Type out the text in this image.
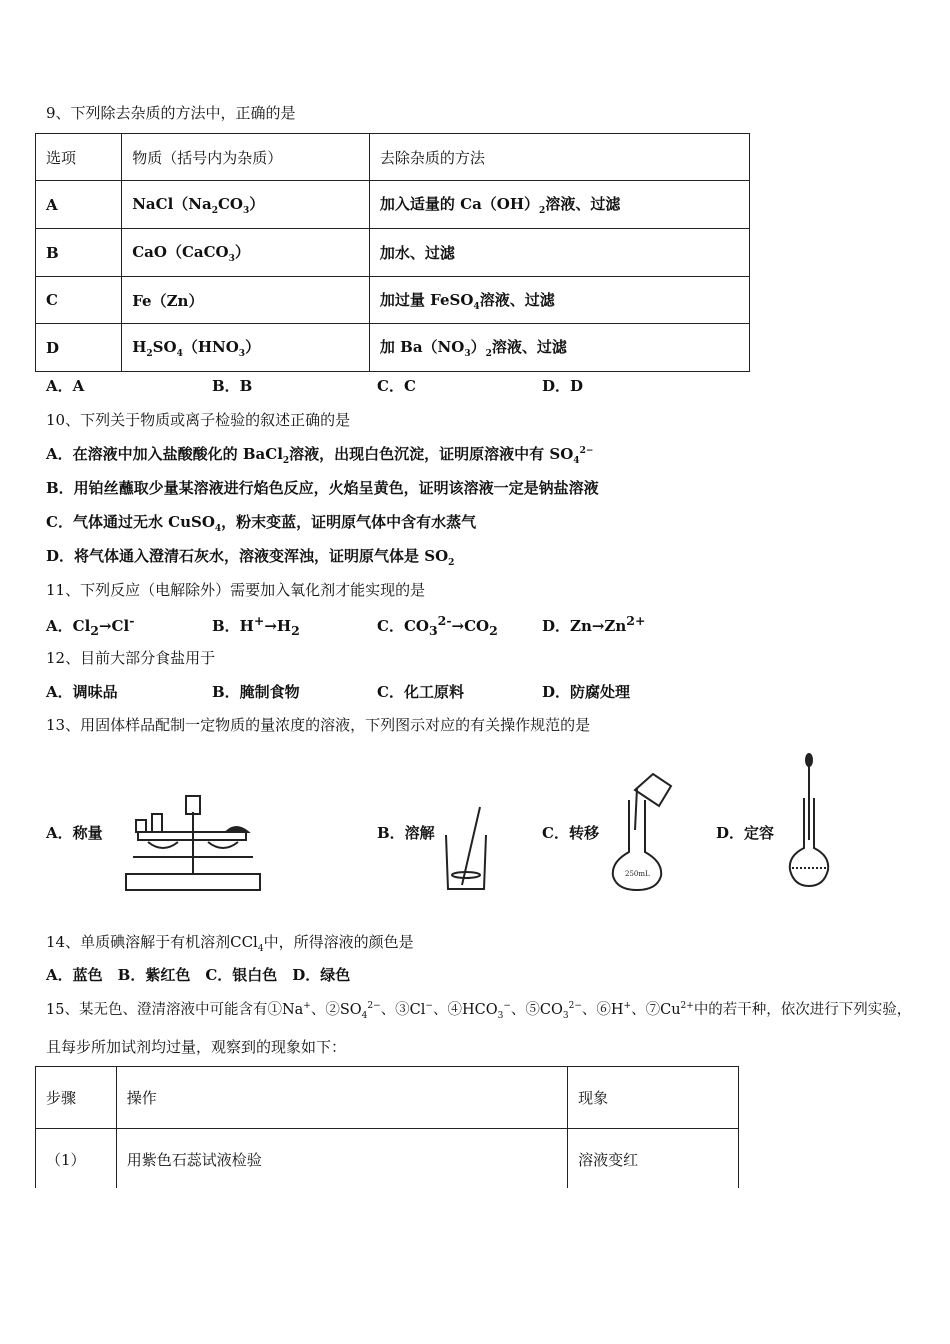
9、下列除去杂质的方法中，正确的是
选项	物质（括号内为杂质）	去除杂质的方法
A	$NaCl(Na_2CO_3)$	加入适量的 $Ca(OH)_2$溶液、过滤
B	CaO（CaCO$_3$）	加水、过滤
C	Fe（Zn）	加过量 FeSO$_4$溶液、过滤
D	$H_2SO_4(HNO_3)$	加 $Ba(NO_3)_2$溶液、过滤
A．A	B．B	C．C	D．D
10、下列关于物质或离子检验的叙述正确的是
A．在溶液中加入盐酸酸化的 BaCl$_2$溶液，出现白色沉淀，证明原溶液中有 $SO_4^{2-}$
B．用铂丝蘸取少量某溶液进行焰色反应，火焰呈黄色，证明该溶液一定是钠盐溶液
C．气体通过无水 CuSO$_4$，粉末变蓝，证明原气体中含有水蒸气
D．将气体通入澄清石灰水，溶液变浑浊，证明原气体是 $SO_2$
11、下列反应（电解除外）需要加入氧化剂才能实现的是
A．$Cl_2\to Cl^-$	B．$H^+\to H_2$	C．$CO_3^{2-}\to CO_2$	D．$Zn\to Zn^{2+}$
12、目前大部分食盐用于
A．调味品	B．腌制食物	C．化工原料	D．防腐处理
13、用固体样品配制一定物质的量浓度的溶液，下列图示对应的有关操作规范的是
A．称量	B．溶解	C．转移	D．定容
250mL
14、单质碘溶解于有机溶剂CCl$_4$中，所得溶液的颜色是
A．蓝色　B．紫红色　C．银白色　D．绿色
15、某无色、澄清溶液中可能含有①Na+、$②SO_4^{2-}$、③Cl−、$④HCO_3^-$、$⑤CO_3^{2-}$、⑥H+、$⑦Cu^{2+}$中的若干种，依次进行下列实验，
且每步所加试剂均过量，观察到的现象如下：
步骤	操作	现象
（1）	用紫色石蕊试液检验	溶液变红
